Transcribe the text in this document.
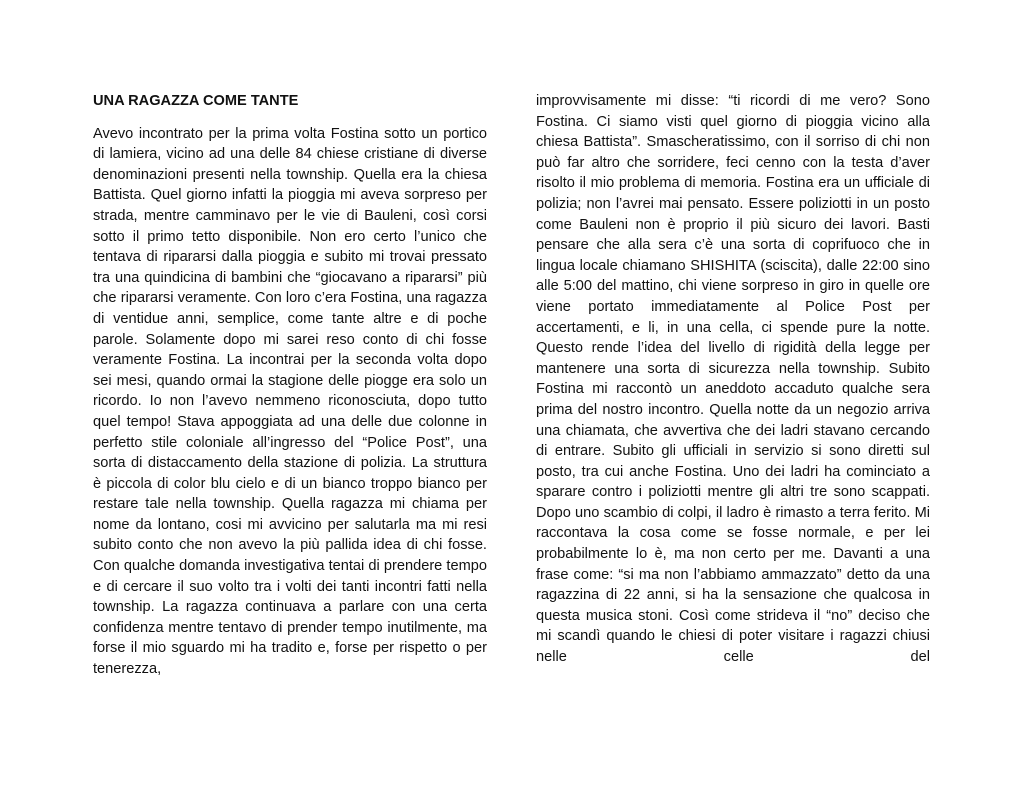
UNA RAGAZZA COME TANTE

Avevo incontrato per la prima volta Fostina sotto un portico di lamiera, vicino ad una delle 84 chiese cristiane di diverse denominazioni presenti nella township. Quella era la chiesa Battista. Quel giorno infatti la pioggia mi aveva sorpreso per strada, mentre camminavo per le vie di Bauleni, così corsi sotto il primo tetto disponibile. Non ero certo l’unico che tentava di ripararsi dalla pioggia e subito mi trovai pressato tra una quindicina di bambini che “giocavano a ripararsi” più che ripararsi veramente. Con loro c’era Fostina, una ragazza di ventidue anni, semplice, come tante altre e di poche parole. Solamente dopo mi sarei reso conto di chi fosse veramente Fostina. La incontrai per la seconda volta dopo sei mesi, quando ormai la stagione delle piogge era solo un ricordo. Io non l’avevo nemmeno riconosciuta, dopo tutto quel tempo! Stava appoggiata ad una delle due colonne in perfetto stile coloniale all’ingresso del “Police Post”, una sorta di distaccamento della stazione di polizia. La struttura è piccola di color blu cielo e di un bianco troppo bianco per restare tale nella township. Quella ragazza mi chiama per nome da lontano, cosi mi avvicino per salutarla ma mi resi subito conto che non avevo la più pallida idea di chi fosse. Con qualche domanda investigativa tentai di prendere tempo e di cercare il suo volto tra i volti dei tanti incontri fatti nella township. La ragazza continuava a parlare con una certa confidenza mentre tentavo di prender tempo inutilmente, ma forse il mio sguardo mi ha tradito e, forse per rispetto o per tenerezza,

improvvisamente mi disse: “ti ricordi di me vero? Sono Fostina. Ci siamo visti quel giorno di pioggia vicino alla chiesa Battista”. Smascheratissimo, con il sorriso di chi non può far altro che sorridere, feci cenno con la testa d’aver risolto il mio problema di memoria. Fostina era un ufficiale di polizia; non l’avrei mai pensato. Essere poliziotti in un posto come Bauleni non è proprio il più sicuro dei lavori. Basti pensare che alla sera c’è una sorta di coprifuoco che in lingua locale chiamano SHISHITA (sciscita), dalle 22:00 sino alle 5:00 del mattino, chi viene sorpreso in giro in quelle ore viene portato immediatamente al Police Post per accertamenti, e li, in una cella, ci spende pure la notte. Questo rende l’idea del livello di rigidità della legge per mantenere una sorta di sicurezza nella township. Subito Fostina mi raccontò un aneddoto accaduto qualche sera prima del nostro incontro. Quella notte da un negozio arriva una chiamata, che avvertiva che dei ladri stavano cercando di entrare. Subito gli ufficiali in servizio si sono diretti sul posto, tra cui anche Fostina. Uno dei ladri ha cominciato a sparare contro i poliziotti mentre gli altri tre sono scappati. Dopo uno scambio di colpi, il ladro è rimasto a terra ferito. Mi raccontava la cosa come se fosse normale, e per lei probabilmente lo è, ma non certo per me. Davanti a una frase come: “si ma non l’abbiamo ammazzato” detto da una ragazzina di 22 anni, si ha la sensazione che qualcosa in questa musica stoni. Così come strideva il “no” deciso che mi scandì quando le chiesi di poter visitare i ragazzi chiusi nelle celle del
